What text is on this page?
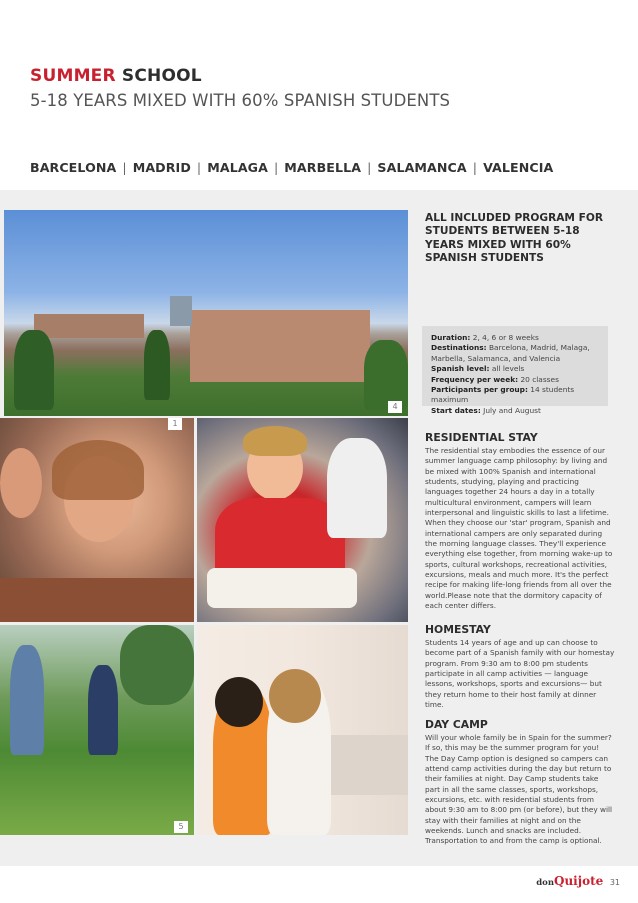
SUMMER SCHOOL
5-18 YEARS MIXED WITH 60% SPANISH STUDENTS
BARCELONA | MADRID | MALAGA | MARBELLA | SALAMANCA | VALENCIA
4
1
5
ALL INCLUDED PROGRAM FOR STUDENTS BETWEEN 5-18 YEARS MIXED WITH 60% SPANISH STUDENTS
Duration: 2, 4, 6 or 8 weeks
Destinations: Barcelona, Madrid, Malaga, Marbella, Salamanca, and Valencia
Spanish level: all levels
Frequency per week: 20 classes
Participants per group: 14 students maximum
Start dates: July and August
RESIDENTIAL STAY
The residential stay embodies the essence of our summer language camp philosophy: by living and be mixed with 100% Spanish and international students, studying, playing and practicing languages together 24 hours a day in a totally multicultural environment, campers will learn interpersonal and linguistic skills to last a lifetime. When they choose our 'star' program, Spanish and international campers are only separated during the morning language classes. They'll experience everything else together, from morning wake-up to sports, cultural workshops, recreational activities, excursions, meals and much more. It's the perfect recipe for making life-long friends from all over the world.Please note that the dormitory capacity of each center differs.
HOMESTAY
Students 14 years of age and up can choose to become part of a Spanish family with our homestay program. From 9:30 am to 8:00 pm students participate in all camp activities — language lessons, workshops, sports and excursions— but they return home to their host family at dinner time.
DAY CAMP
Will your whole family be in Spain for the summer? If so, this may be the summer program for you! The Day Camp option is designed so campers can attend camp activities during the day but return to their families at night. Day Camp students take part in all the same classes, sports, workshops, excursions, etc. with residential students from about 9:30 am to 8:00 pm (or before), but they will stay with their families at night and on the weekends. Lunch and snacks are included. Transportation to and from the camp is optional.
donQuijote 31
